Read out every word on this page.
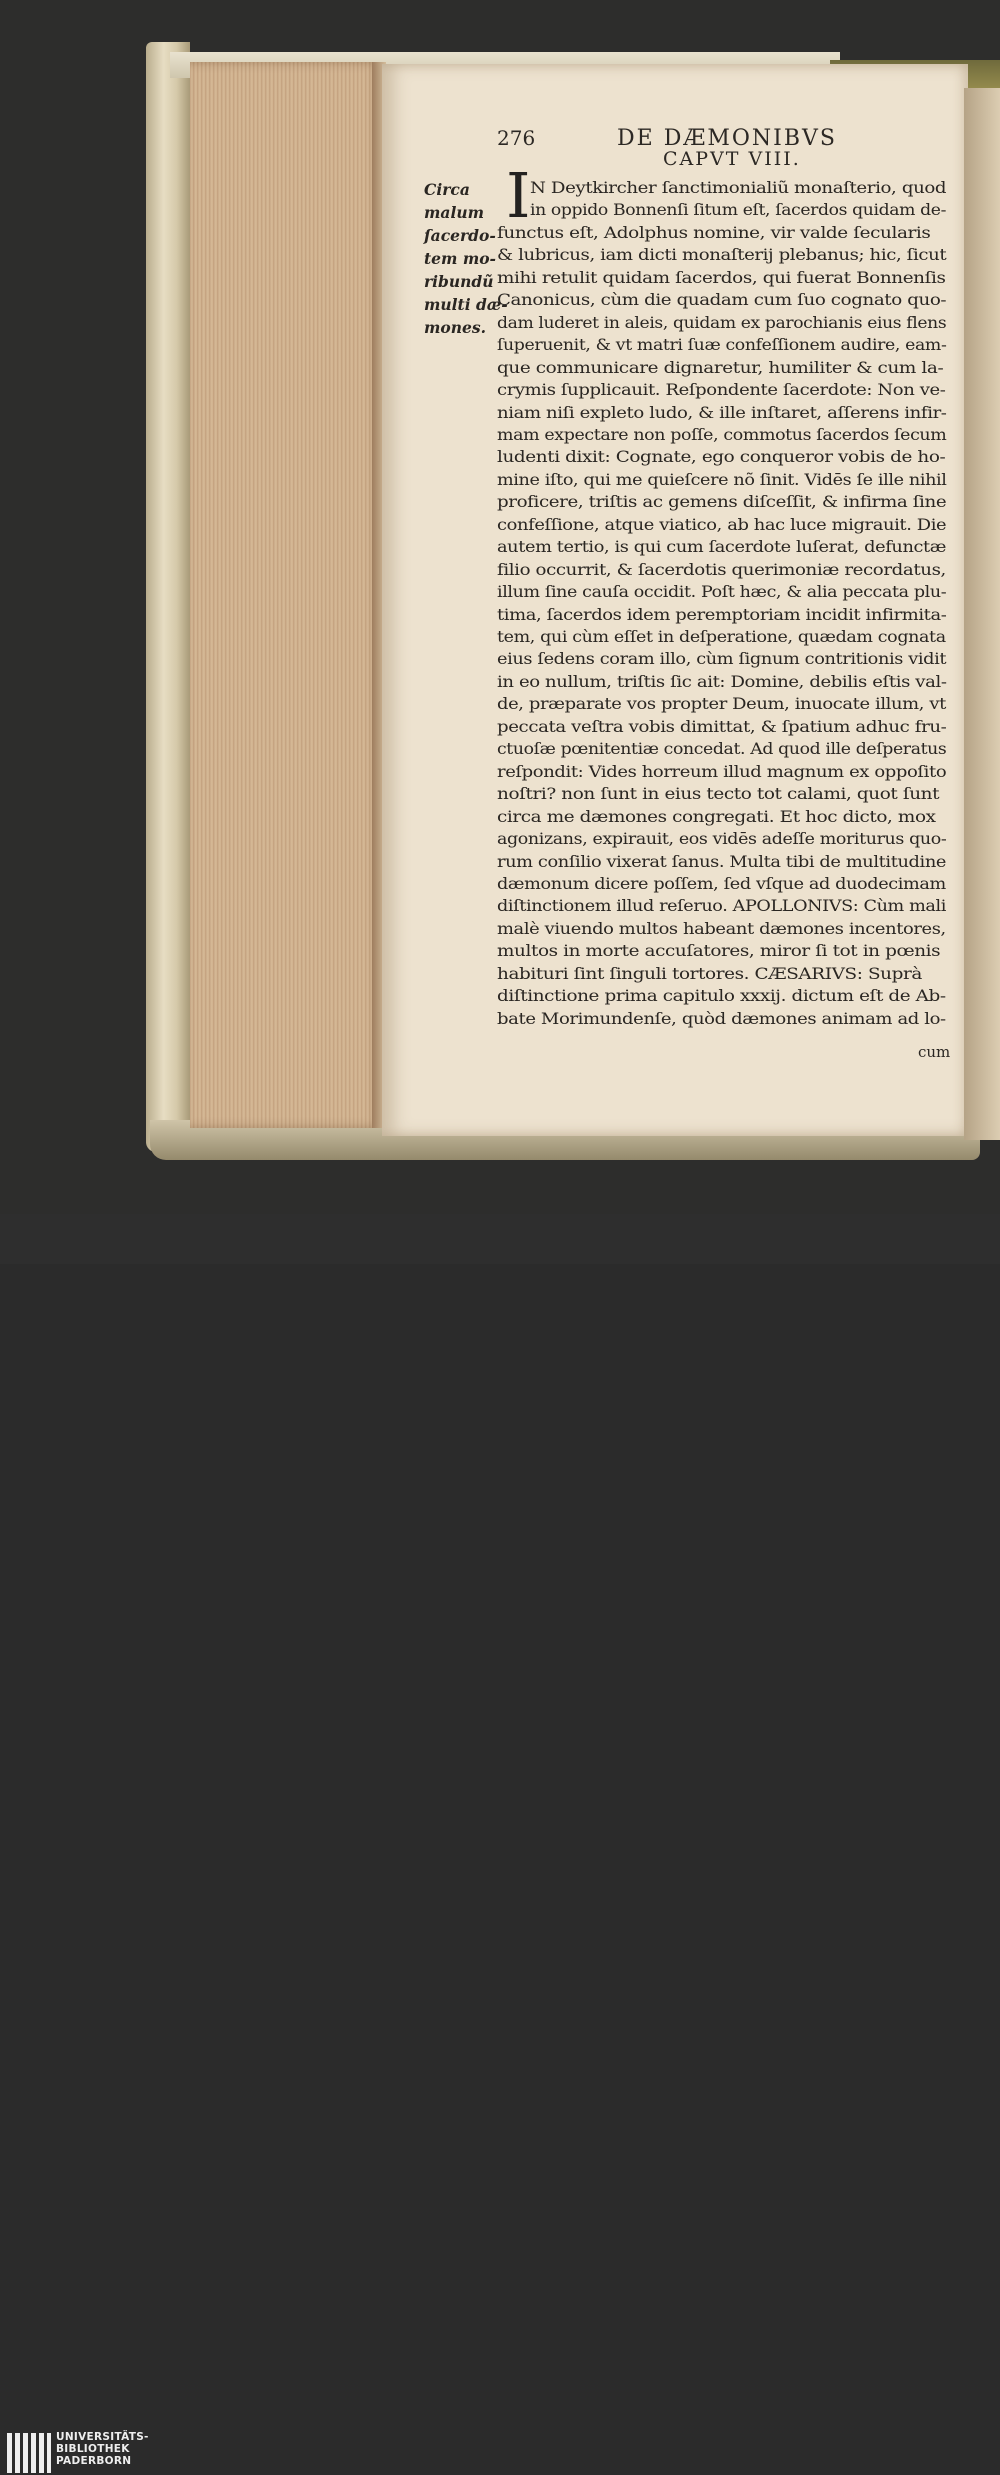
276	DE DÆMONIBVS
CAPVT VIII.
I
Circa
malum
ſacerdo-
tem mo-
ribundũ
multi dæ-
mones.
N Deytkircher ſanctimonialiũ monaſterio, quod
in oppido Bonnenſi ſitum eſt, ſacerdos quidam de-
functus eſt, Adolphus nomine, vir valde ſecularis
& lubricus, iam dicti monaſterij plebanus; hic, ſicut
mihi retulit quidam ſacerdos, qui fuerat Bonnenſis
Canonicus, cùm die quadam cum ſuo cognato quo-
dam luderet in aleis, quidam ex parochianis eius flens
ſuperuenit, & vt matri ſuæ confeſſionem audire, eam-
que communicare dignaretur, humiliter & cum la-
crymis ſupplicauit. Reſpondente ſacerdote: Non ve-
niam niſi expleto ludo, & ille inſtaret, aſſerens infir-
mam expectare non poſſe, commotus ſacerdos ſecum
ludenti dixit: Cognate, ego conqueror vobis de ho-
mine iſto, qui me quieſcere nõ ſinit. Vidēs ſe ille nihil
proficere, triſtis ac gemens diſceſſit, & infirma ſine
confeſſione, atque viatico, ab hac luce migrauit. Die
autem tertio, is qui cum ſacerdote luſerat, defunctæ
filio occurrit, & ſacerdotis querimoniæ recordatus,
illum ſine cauſa occidit. Poſt hæc, & alia peccata plu-
tima, ſacerdos idem peremptoriam incidit infirmita-
tem, qui cùm eſſet in deſperatione, quædam cognata
eius ſedens coram illo, cùm ſignum contritionis vidit
in eo nullum, triſtis ſic ait: Domine, debilis eſtis val-
de, præparate vos propter Deum, inuocate illum, vt
peccata veſtra vobis dimittat, & ſpatium adhuc fru-
ctuoſæ pœnitentiæ concedat. Ad quod ille deſperatus
reſpondit: Vides horreum illud magnum ex oppoſito
noſtri? non ſunt in eius tecto tot calami, quot ſunt
circa me dæmones congregati. Et hoc dicto, mox
agonizans, expirauit, eos vidēs adeſſe moriturus quo-
rum conſilio vixerat ſanus. Multa tibi de multitudine
dæmonum dicere poſſem, ſed vſque ad duodecimam
diſtinctionem illud reſeruo. APOLLONIVS: Cùm mali
malè viuendo multos habeant dæmones incentores,
multos in morte accuſatores, miror ſi tot in pœnis
habituri ſint ſinguli tortores. CÆSARIVS: Suprà
diſtinctione prima capitulo xxxij. dictum eſt de Ab-
bate Morimundenſe, quòd dæmones animam ad lo-
cum
UNIVERSITÄTS-
BIBLIOTHEK
PADERBORN
